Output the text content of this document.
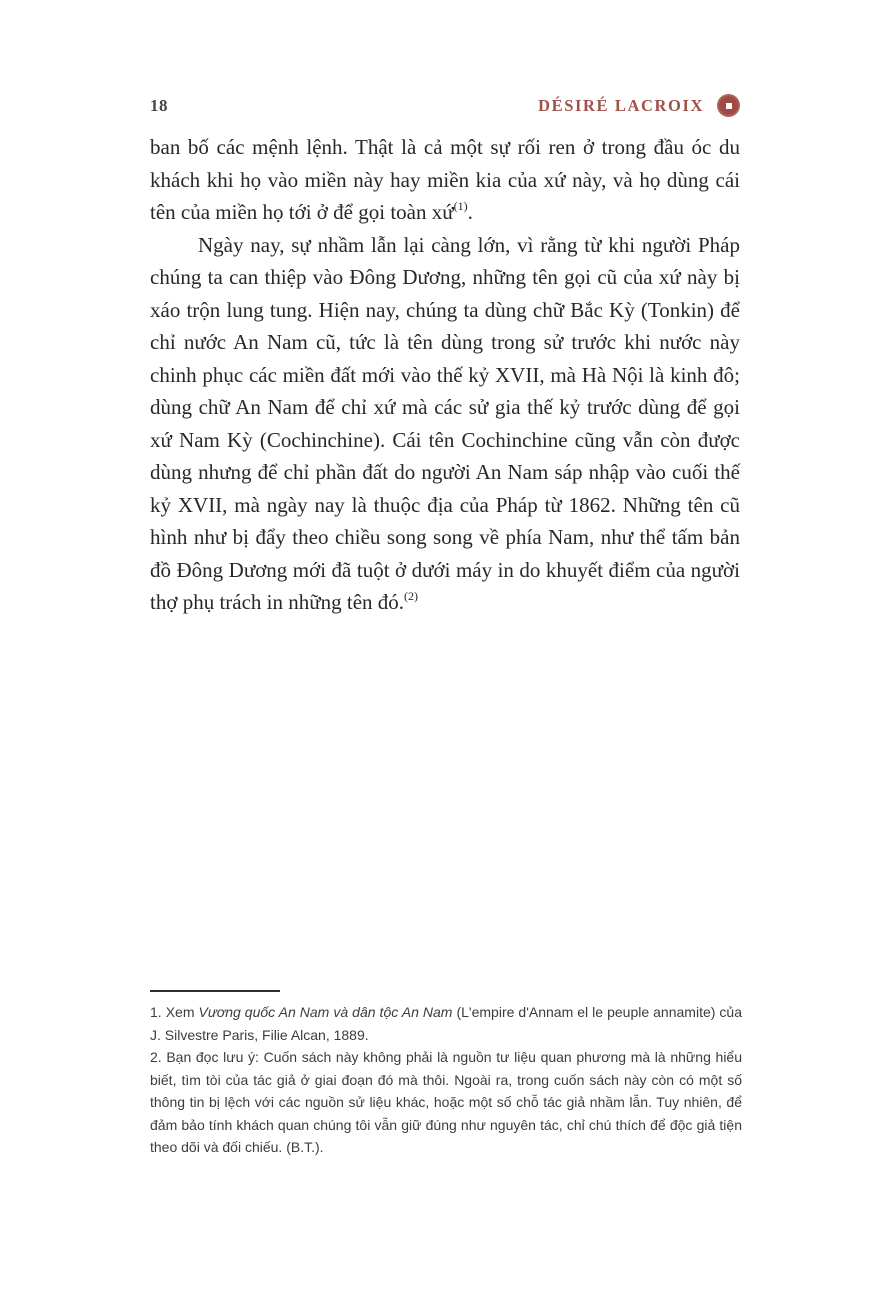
18	DÉSIRÉ LACROIX

ban bố các mệnh lệnh. Thật là cả một sự rối ren ở trong đầu óc du khách khi họ vào miền này hay miền kia của xứ này, và họ dùng cái tên của miền họ tới ở để gọi toàn xứ$^{(1)}$.

Ngày nay, sự nhầm lẫn lại càng lớn, vì rằng từ khi người Pháp chúng ta can thiệp vào Đông Dương, những tên gọi cũ của xứ này bị xáo trộn lung tung. Hiện nay, chúng ta dùng chữ Bắc Kỳ (Tonkin) để chỉ nước An Nam cũ, tức là tên dùng trong sử trước khi nước này chinh phục các miền đất mới vào thế kỷ XVII, mà Hà Nội là kinh đô; dùng chữ An Nam để chỉ xứ mà các sử gia thế kỷ trước dùng để gọi xứ Nam Kỳ (Cochinchine). Cái tên Cochinchine cũng vẫn còn được dùng nhưng để chỉ phần đất do người An Nam sáp nhập vào cuối thế kỷ XVII, mà ngày nay là thuộc địa của Pháp từ 1862. Những tên cũ hình như bị đẩy theo chiều song song về phía Nam, như thể tấm bản đồ Đông Dương mới đã tuột ở dưới máy in do khuyết điểm của người thợ phụ trách in những tên đó.$^{(2)}$

1. Xem Vương quốc An Nam và dân tộc An Nam (L'empire d'Annam el le peuple annamite) của J. Silvestre Paris, Filie Alcan, 1889.

2. Bạn đọc lưu ý: Cuốn sách này không phải là nguồn tư liệu quan phương mà là những hiểu biết, tìm tòi của tác giả ở giai đoạn đó mà thôi. Ngoài ra, trong cuốn sách này còn có một số thông tin bị lệch với các nguồn sử liệu khác, hoặc một số chỗ tác giả nhầm lẫn. Tuy nhiên, để đảm bảo tính khách quan chúng tôi vẫn giữ đúng như nguyên tác, chỉ chú thích để độc giả tiện theo dõi và đối chiếu. (B.T.).
